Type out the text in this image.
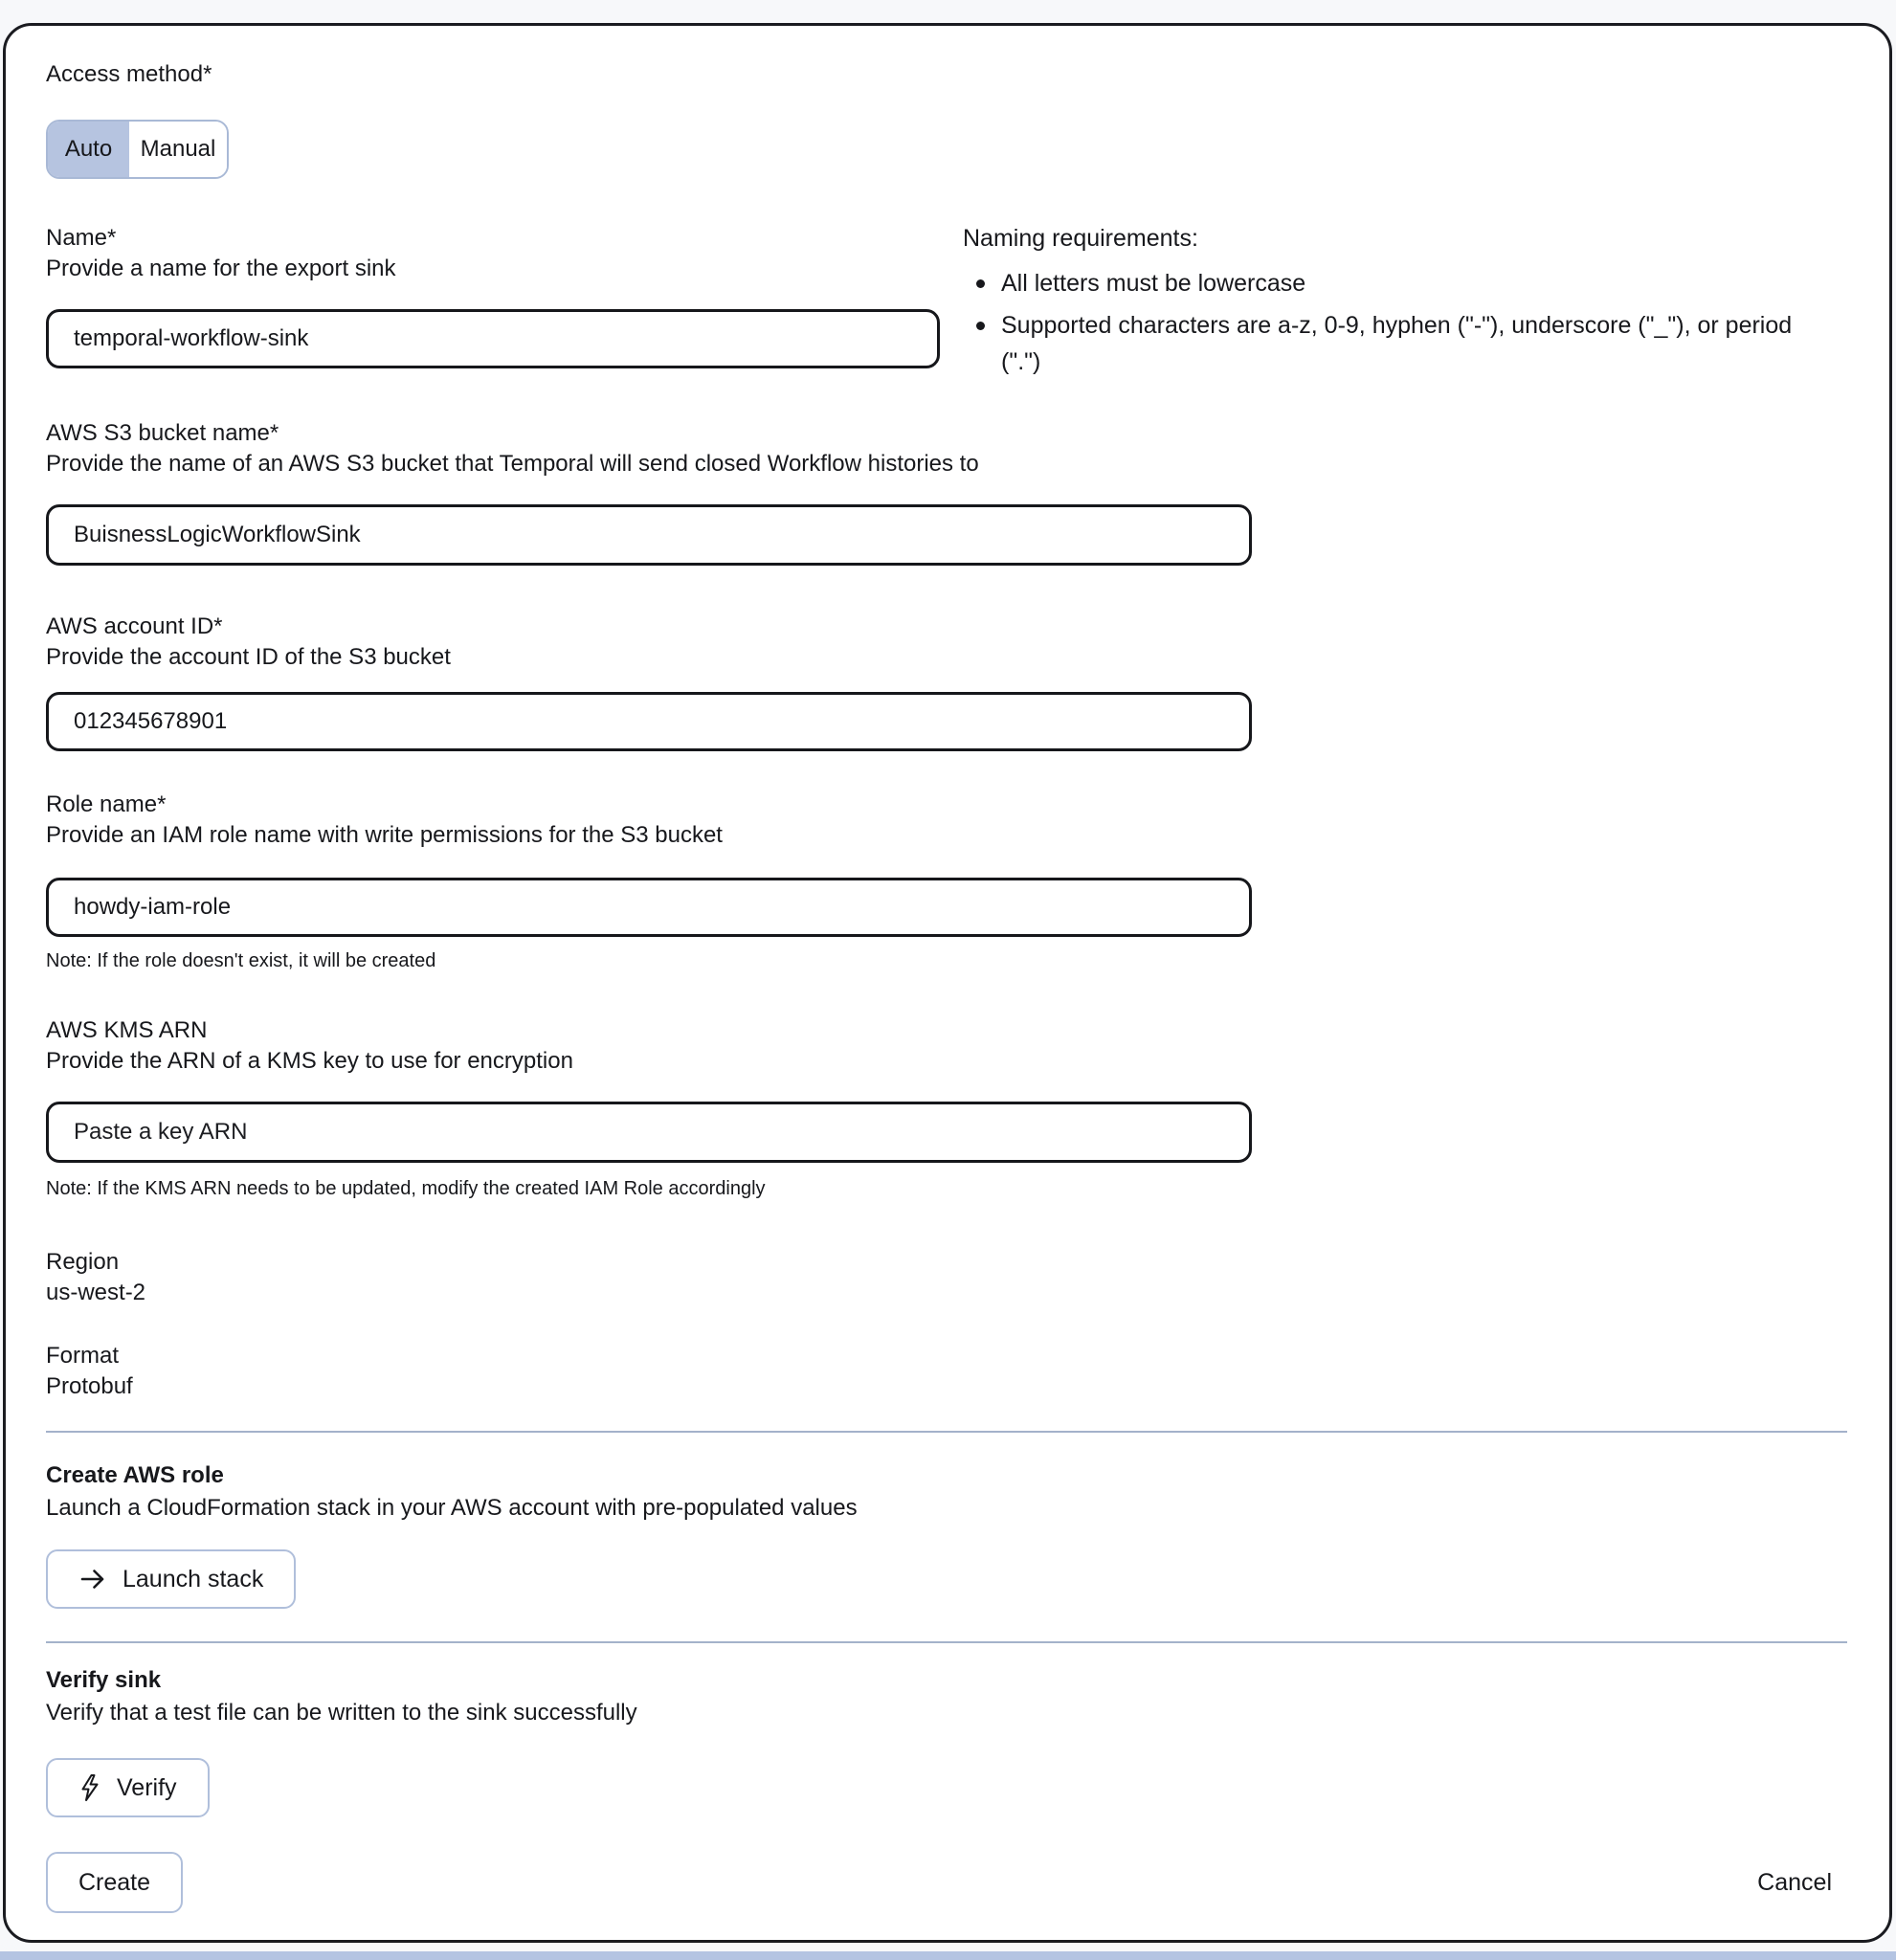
Access method*
Auto Manual
Name*
Provide a name for the export sink
temporal-workflow-sink
Naming requirements:
All letters must be lowercase
Supported characters are a-z, 0-9, hyphen ("-"), underscore ("_"), or period (".")
AWS S3 bucket name*
Provide the name of an AWS S3 bucket that Temporal will send closed Workflow histories to
BuisnessLogicWorkflowSink
AWS account ID*
Provide the account ID of the S3 bucket
012345678901
Role name*
Provide an IAM role name with write permissions for the S3 bucket
howdy-iam-role
Note: If the role doesn't exist, it will be created
AWS KMS ARN
Provide the ARN of a KMS key to use for encryption
Paste a key ARN
Note: If the KMS ARN needs to be updated, modify the created IAM Role accordingly
Region
us-west-2
Format
Protobuf
Create AWS role
Launch a CloudFormation stack in your AWS account with pre-populated values
Launch stack
Verify sink
Verify that a test file can be written to the sink successfully
Verify
Create	Cancel
